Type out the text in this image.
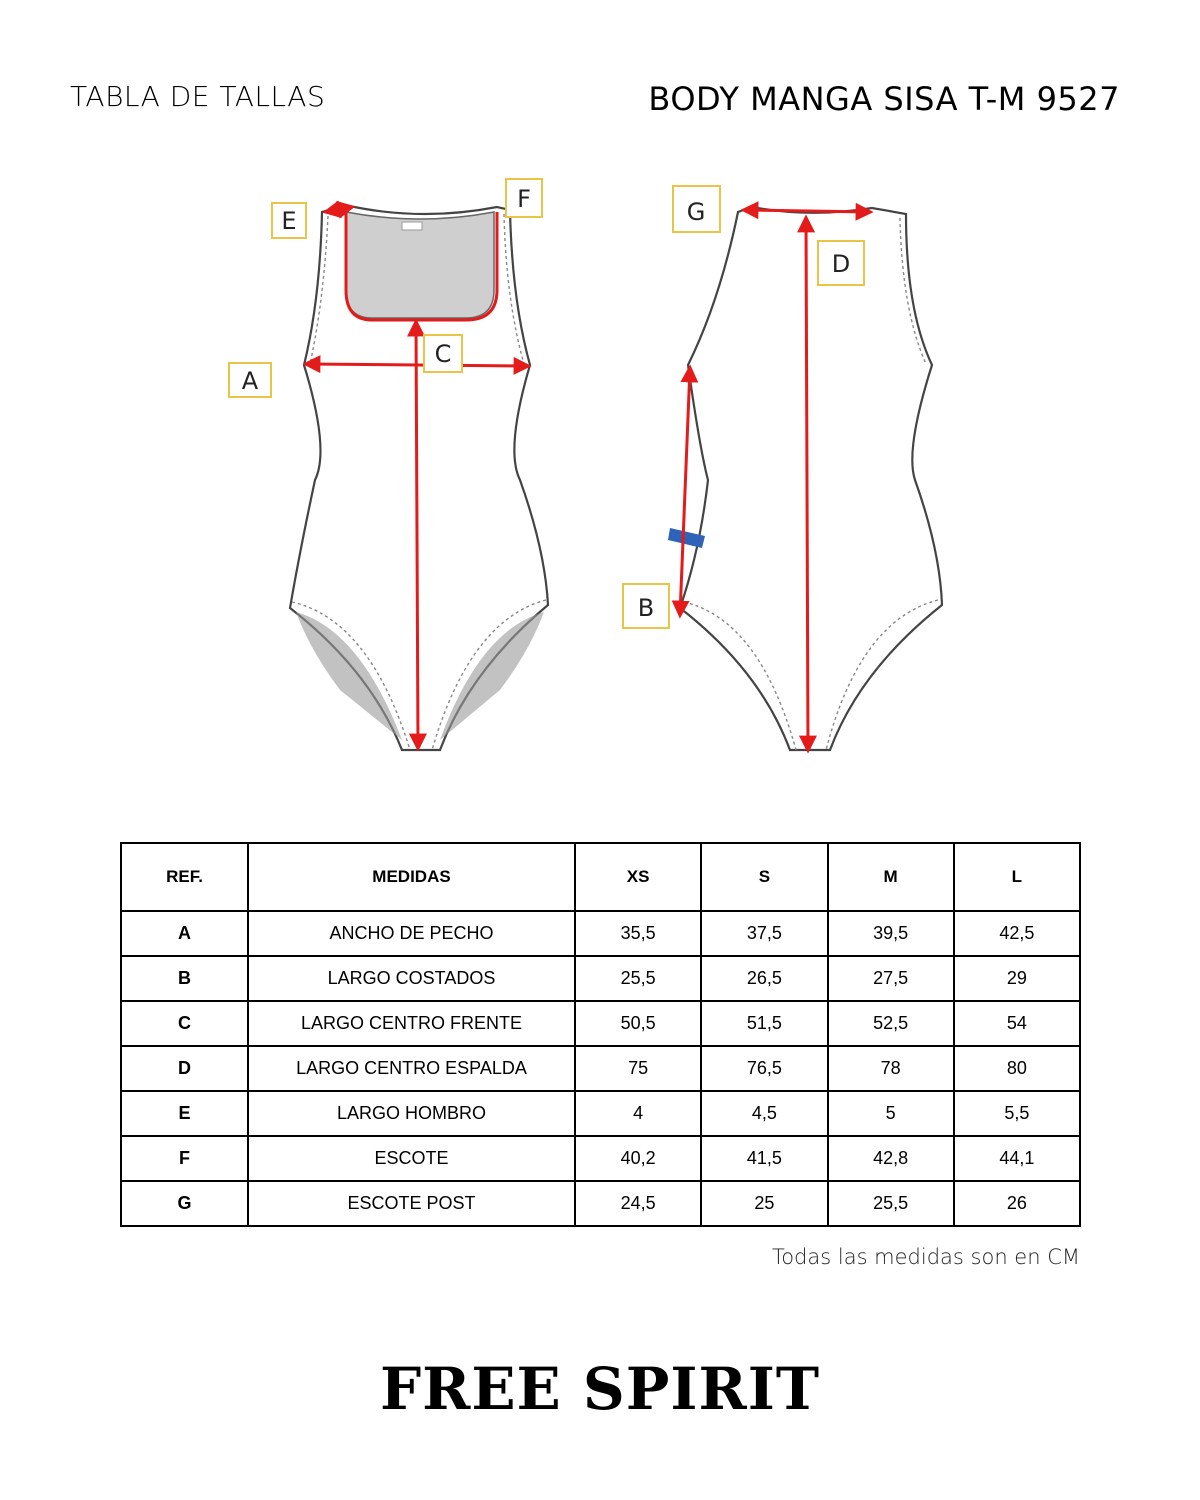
TABLA DE TALLAS	BODY MANGA SISA T-M 9527
A
C
E
F	G
D
B
REF.	MEDIDAS	XS	S	M	L
A	ANCHO DE PECHO	35,5	37,5	39,5	42,5
B	LARGO COSTADOS	25,5	26,5	27,5	29
C	LARGO CENTRO FRENTE	50,5	51,5	52,5	54
D	LARGO CENTRO ESPALDA	75	76,5	78	80
E	LARGO HOMBRO	4	4,5	5	5,5
F	ESCOTE	40,2	41,5	42,8	44,1
G	ESCOTE POST	24,5	25	25,5	26
Todas las medidas son en CM
FREE SPIRIT
